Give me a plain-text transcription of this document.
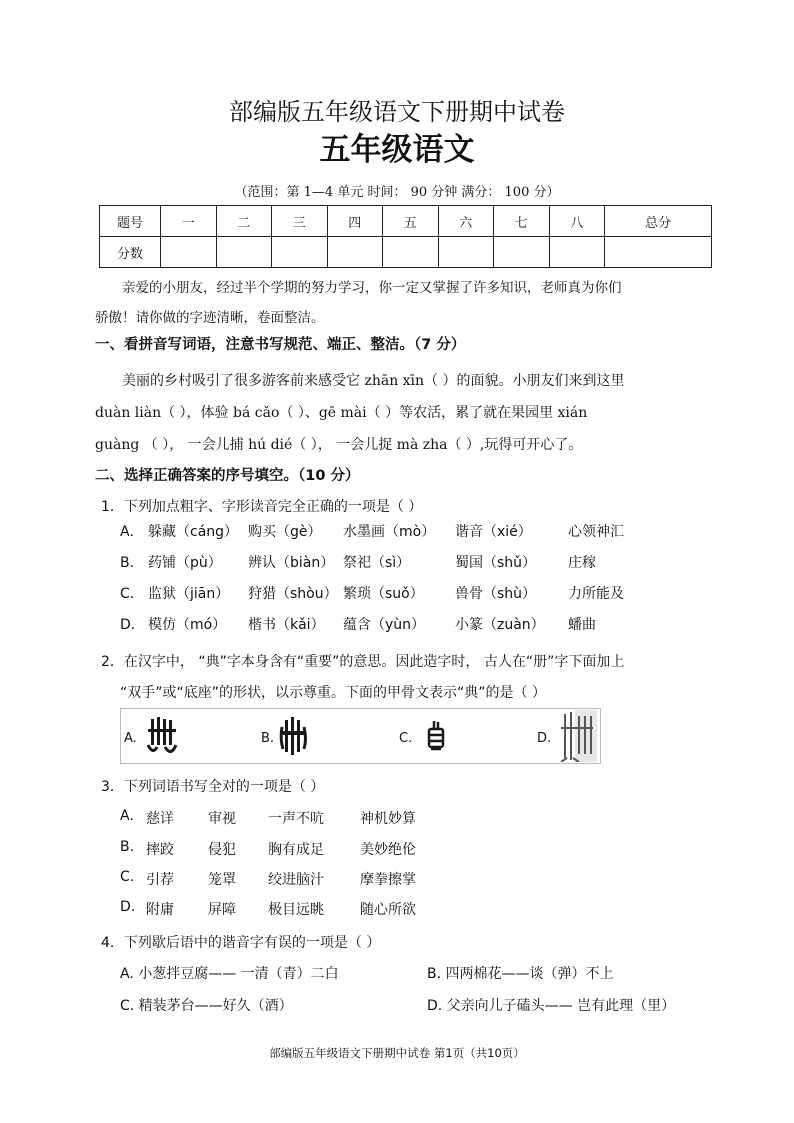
部编版五年级语文下册期中试卷
五年级语文
（范围：第 1—4 单元 时间： 90 分钟 满分： 100 分）
题号	一	二	三	四	五	六	七	八	总分
分数									
亲爱的小朋友，经过半个学期的努力学习，你一定又掌握了许多知识，老师真为你们
骄傲！请你做的字迹清晰，卷面整洁。
一、看拼音写词语，注意书写规范、端正、整洁。（7 分）
美丽的乡村吸引了很多游客前来感受它 zhān xīn（ ）的面貌。小朋友们来到这里
duàn liàn（ ），体验 bá cǎo（ ）、gē mài（ ）等农活，累了就在果园里 xián
guàng （ ）， 一会儿捕 hú dié（ ）， 一会儿捉 mà zha（ ）,玩得可开心了。
二、选择正确答案的序号填空。（10 分）
1．下列加点粗字、字形读音完全正确的一项是（ ）
A． 躲藏（cáng） 购买（gè） 水墨画（mò） 谐音（xié）	心领神汇
B． 药铺（pù） 辨认（biàn） 祭祀（sì）	蜀国（shǔ） 庄稼
C． 监狱（jiān） 狩猎（shòu） 繁琐（suǒ） 兽骨（shù） 力所能及
D． 模仿（mó） 楷书（kǎi） 蕴含（yùn） 小篆（zuàn） 蟠曲
2．在汉字中， “典”字本身含有“重要”的意思。因此造字时， 古人在“册”字下面加上
“双手”或“底座”的形状，以示尊重。下面的甲骨文表示“典”的是（ ）
A.	B.	C.	D.
3．下列词语书写全对的一项是（ ）
A. 慈详 审视 一声不吭	神机妙算
B. 摔跤 侵犯 胸有成足	美妙绝伦
C. 引荐 笼罩 绞进脑汁	摩拳擦掌
D. 附庸 屏障 极目远眺	随心所欲
4．下列歇后语中的谐音字有误的一项是（ ）
A. 小葱拌豆腐—— 一清（青）二白	B. 四两棉花——谈（弹）不上
C. 精装茅台——好久（酒）	D. 父亲向儿子磕头—— 岂有此理（里）
部编版五年级语文下册期中试卷 第1页（共10页）
